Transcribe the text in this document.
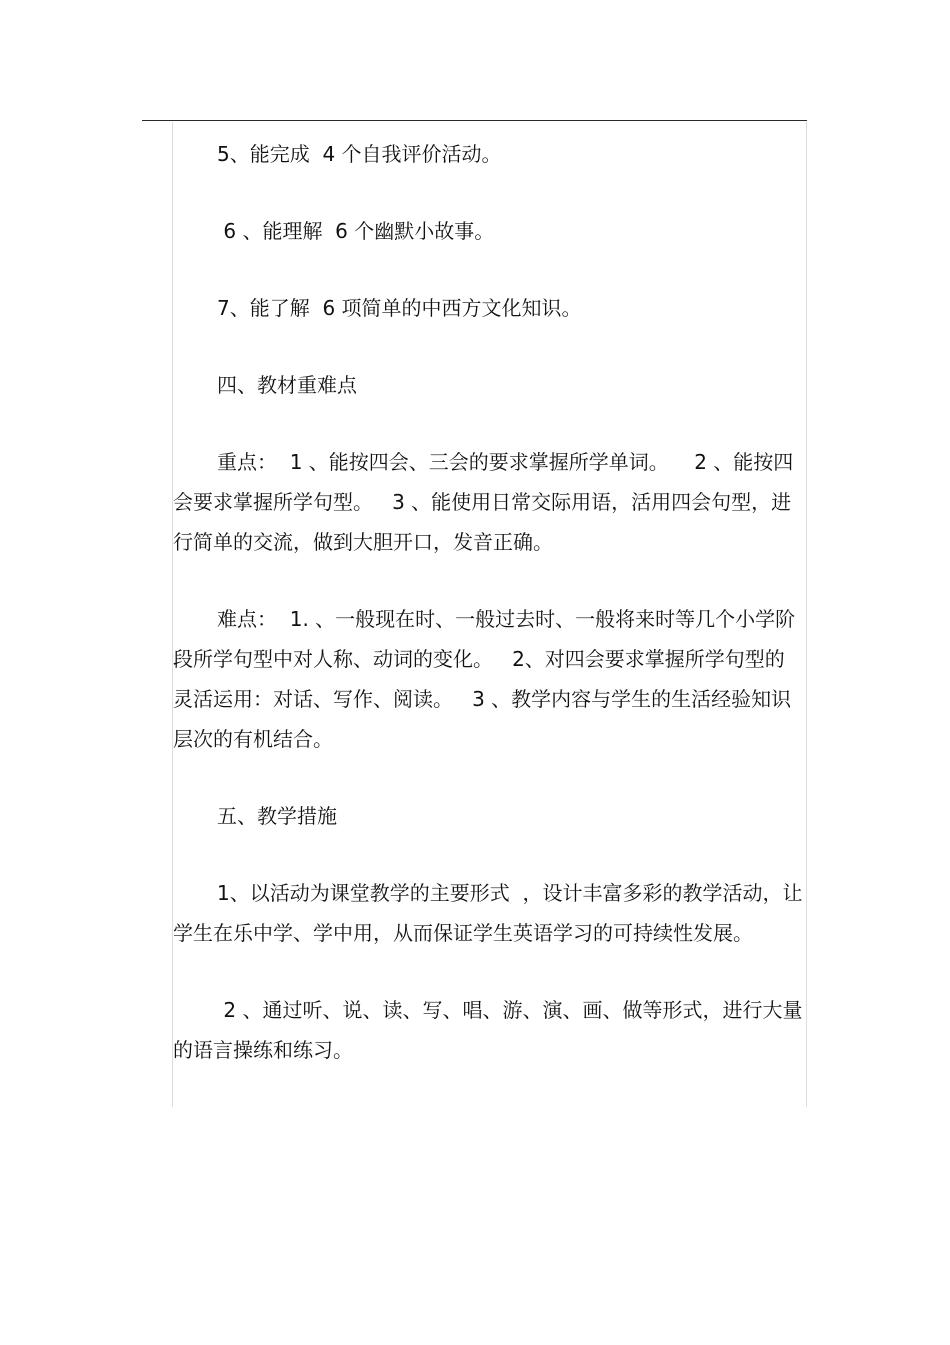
5、能完成  4 个自我评价活动。

6 、能理解  6 个幽默小故事。

7、能了解  6 项简单的中西方文化知识。

四、教材重难点

重点：  1 、能按四会、三会的要求掌握所学单词。    2 、能按四会要求掌握所学句型。   3 、能使用日常交际用语，活用四会句型，进行简单的交流，做到大胆开口，发音正确。

难点：  1. 、一般现在时、一般过去时、一般将来时等几个小学阶段所学句型中对人称、动词的变化。   2、对四会要求掌握所学句型的灵活运用：对话、写作、阅读。   3 、教学内容与学生的生活经验知识层次的有机结合。

五、教学措施

1、以活动为课堂教学的主要形式  ，设计丰富多彩的教学活动，让学生在乐中学、学中用，从而保证学生英语学习的可持续性发展。

2 、通过听、说、读、写、唱、游、演、画、做等形式，进行大量的语言操练和练习。
